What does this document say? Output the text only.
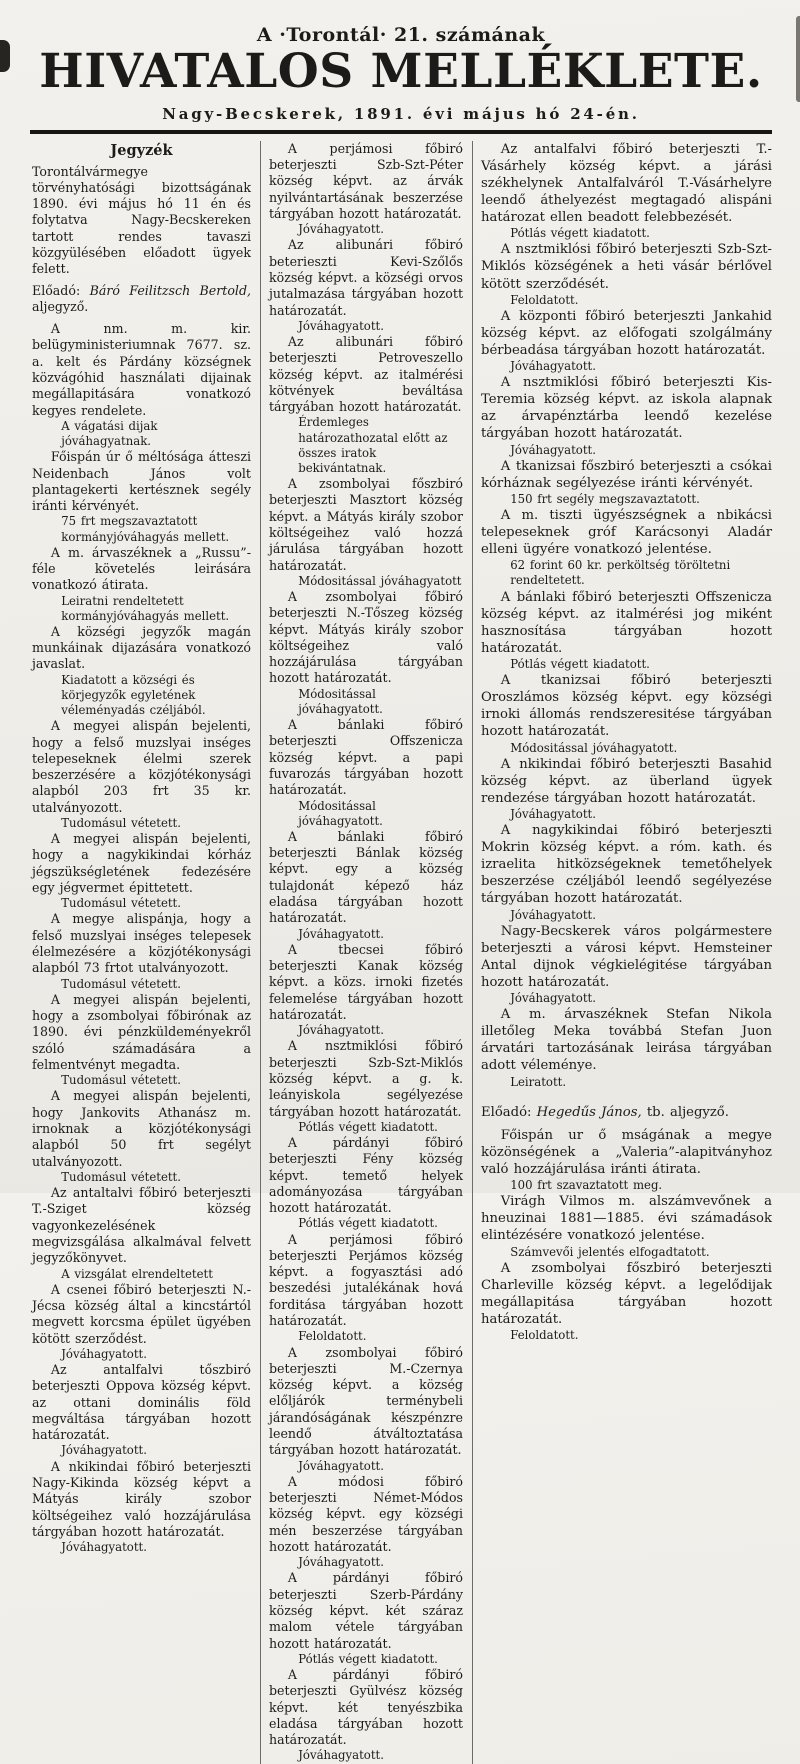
A ·Torontál· 21. számának
HIVATALOS MELLÉKLETE.
Nagy-Becskerek, 1891. évi május hó 24-én.

Jegyzék

Torontálvármegye törvényhatósági bizottságának 1890. évi május hó 11 én és folytatva Nagy-Becskereken tartott rendes tavaszi közgyülésében előadott ügyek felett.

Előadó: Báró Feilitzsch Bertold, aljegyző.

A nm. m. kir. belügyministeriumnak 7677. sz. a. kelt és Párdány községnek közvágóhid használati dijainak megállapitására vonatkozó kegyes rendelete.

A vágatási dijak jóváhagyatnak.

Főispán úr ő méltósága átteszi Neidenbach János volt plantagekerti kertésznek segély iránti kérvényét.

75 frt megszavaztatott kormányjóváhagyás mellett.

A m. árvaszéknek a „Russu”-féle követelés leirására vonatkozó átirata.

Leiratni rendeltetett kormányjóváhagyás mellett.

A községi jegyzők magán munkáinak dijazására vonatkozó javaslat.

Kiadatott a községi és körjegyzők egyletének véleményadás czéljából.

A megyei alispán bejelenti, hogy a felső muzslyai inséges telepeseknek élelmi szerek beszerzésére a közjótékonysági alapból 203 frt 35 kr. utalványozott.

Tudomásul vétetett.

A megyei alispán bejelenti, hogy a nagykikindai kórház jégszükségletének fedezésére egy jégvermet épittetett.

Tudomásul vétetett.

A megye alispánja, hogy a felső muzslyai inséges telepesek élelmezésére a közjótékonysági alapból 73 frtot utalványozott.

Tudomásul vétetett.

A megyei alispán bejelenti, hogy a zsombolyai főbirónak az 1890. évi pénzküldeményekről szóló számadására a felmentvényt megadta.

Tudomásul vétetett.

A megyei alispán bejelenti, hogy Jankovits Athanász m. irnoknak a közjótékonysági alapból 50 frt segélyt utalványozott.

Tudomásul vétetett.

Az antaltalvi főbiró beterjeszti T.-Sziget község vagyonkezelésének megvizsgálása alkalmával felvett jegyzőkönyvet.

A vizsgálat elrendeltetett

A csenei főbiró beterjeszti N.-Jécsa község által a kincstártól megvett korcsma épület ügyében kötött szerződést.

Jóváhagyatott.

Az antalfalvi tőszbiró beterjeszti Oppova község képvt. az ottani dominális föld megváltása tárgyában hozott határozatát.

Jóváhagyatott.

A nkikindai főbiró beterjeszti Nagy-Kikinda község képvt a Mátyás király szobor költségeihez való hozzájárulása tárgyában hozott határozatát.

Jóváhagyatott.

A perjámosi főbiró beterjeszti Szb-Szt-Péter község képvt. az árvák nyilvántartásának beszerzése tárgyában hozott határozatát.

Jóváhagyatott.

Az alibunári főbiró beterieszti Kevi-Szőlős község képvt. a községi orvos jutalmazása tárgyában hozott határozatát.

Jóváhagyatott.

Az alibunári főbiró beterjeszti Petroveszello község képvt. az italmérési kötvények beváltása tárgyában hozott határozatát.

Érdemleges határozathozatal előtt az összes iratok bekivántatnak.

A zsombolyai főszbiró beterjeszti Masztort község képvt. a Mátyás király szobor költségeihez való hozzá járulása tárgyában hozott határozatát.

Módositással jóváhagyatott

A zsombolyai főbiró beterjeszti N.-Tőszeg község képvt. Mátyás király szobor költségeihez való hozzájárulása tárgyában hozott határozatát.

Módositással jóváhagyatott.

A bánlaki főbiró beterjeszti Offszenicza község képvt. a papi fuvarozás tárgyában hozott határozatát.

Módositással jóváhagyatott.

A bánlaki főbiró beterjeszti Bánlak község képvt. egy a község tulajdonát képező ház eladása tárgyában hozott határozatát.

Jóváhagyatott.

A tbecsei főbiró beterjeszti Kanak község képvt. a közs. irnoki fizetés felemelése tárgyában hozott határozatát.

Jóváhagyatott.

A nsztmiklósi főbiró beterjeszti Szb-Szt-Miklós község képvt. a g. k. leányiskola segélyezése tárgyában hozott határozatát.

Pótlás végett kiadatott.

A párdányi főbiró beterjeszti Fény község képvt. temető helyek adományozása tárgyában hozott határozatát.

Pótlás végett kiadatott.

A perjámosi főbiró beterjeszti Perjámos község képvt. a fogyasztási adó beszedési jutalékának hová forditása tárgyában hozott határozatát.

Feloldatott.

A zsombolyai főbiró beterjeszti M.-Czernya község képvt. a község előljárók terménybeli járandóságának készpénzre leendő átváltoztatása tárgyában hozott határozatát.

Jóváhagyatott.

A módosi főbiró beterjeszti Német-Módos község képvt. egy községi mén beszerzése tárgyában hozott határozatát.

Jóváhagyatott.

A párdányi főbiró beterjeszti Szerb-Párdány község képvt. két száraz malom vétele tárgyában hozott határozatát.

Pótlás végett kiadatott.

A párdányi főbiró beterjeszti Gyülvész község képvt. két tenyészbika eladása tárgyában hozott határozatát.

Jóváhagyatott.

Az antalfalvi főbiró beterjeszti T.-Vásárhely község képvt. a járási székhelynek Antalfalváról T.-Vásárhelyre leendő áthelyezést megtagadó alispáni határozat ellen beadott felebbezését.

Pótlás végett kiadatott.

A nsztmiklósi főbiró beterjeszti Szb-Szt-Miklós községének a heti vásár bérlővel kötött szerződését.

Feloldatott.

A központi főbiró beterjeszti Jankahid község képvt. az előfogati szolgálmány bérbeadása tárgyában hozott határozatát.

Jóváhagyatott.

A nsztmiklósi főbiró beterjeszti Kis-Teremia község képvt. az iskola alapnak az árvapénztárba leendő kezelése tárgyában hozott határozatát.

Jóváhagyatott.

A tkanizsai főszbiró beterjeszti a csókai kórháznak segélyezése iránti kérvényét.

150 frt segély megszavaztatott.

A m. tiszti ügyészségnek a nbikácsi telepeseknek gróf Karácsonyi Aladár elleni ügyére vonatkozó jelentése.

62 forint 60 kr. perköltség töröltetni rendeltetett.

A bánlaki főbiró beterjeszti Offszenicza község képvt. az italmérési jog miként hasznosítása tárgyában hozott határozatát.

Pótlás végett kiadatott.

A tkanizsai főbiró beterjeszti Oroszlámos község képvt. egy községi irnoki állomás rendszeresitése tárgyában hozott határozatát.

Módositással jóváhagyatott.

A nkikindai főbiró beterjeszti Basahid község képvt. az überland ügyek rendezése tárgyában hozott határozatát.

Jóváhagyatott.

A nagykikindai főbiró beterjeszti Mokrin község képvt. a róm. kath. és izraelita hitközségeknek temetőhelyek beszerzése czéljából leendő segélyezése tárgyában hozott határozatát.

Jóváhagyatott.

Nagy-Becskerek város polgármestere beterjeszti a városi képvt. Hemsteiner Antal dijnok végkielégitése tárgyában hozott határozatát.

Jóváhagyatott.

A m. árvaszéknek Stefan Nikola illetőleg Meka továbbá Stefan Juon árvatári tartozásának leirása tárgyában adott véleménye.

Leiratott.

Előadó: Hegedűs János, tb. aljegyző.

Főispán ur ő mságának a megye közönségének a „Valeria”-alapitványhoz való hozzájárulása iránti átirata.

100 frt szavaztatott meg.

Virágh Vilmos m. alszámvevőnek a hneuzinai 1881—1885. évi számadások elintézésére vonatkozó jelentése.

Számvevői jelentés elfogadtatott.

A zsombolyai főszbiró beterjeszti Charleville község képvt. a legelődijak megállapitása tárgyában hozott határozatát.

Feloldatott.
